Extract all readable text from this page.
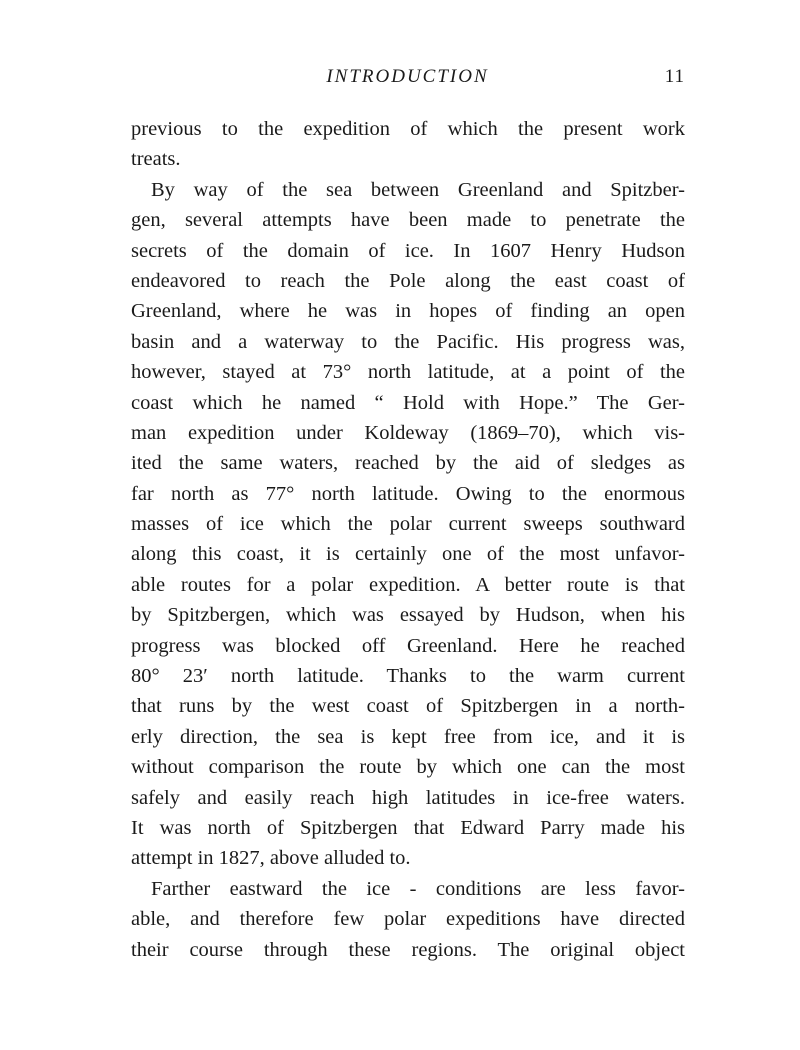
INTRODUCTION	11
previous to the expedition of which the present work
treats.
By way of the sea between Greenland and Spitzber-
gen, several attempts have been made to penetrate the
secrets of the domain of ice. In 1607 Henry Hudson
endeavored to reach the Pole along the east coast of
Greenland, where he was in hopes of finding an open
basin and a waterway to the Pacific. His progress was,
however, stayed at 73° north latitude, at a point of the
coast which he named “ Hold with Hope.” The Ger-
man expedition under Koldeway (1869–70), which vis-
ited the same waters, reached by the aid of sledges as
far north as 77° north latitude. Owing to the enormous
masses of ice which the polar current sweeps southward
along this coast, it is certainly one of the most unfavor-
able routes for a polar expedition. A better route is that
by Spitzbergen, which was essayed by Hudson, when his
progress was blocked off Greenland. Here he reached
80° 23′ north latitude. Thanks to the warm current
that runs by the west coast of Spitzbergen in a north-
erly direction, the sea is kept free from ice, and it is
without comparison the route by which one can the most
safely and easily reach high latitudes in ice-free waters.
It was north of Spitzbergen that Edward Parry made his
attempt in 1827, above alluded to.
Farther eastward the ice - conditions are less favor-
able, and therefore few polar expeditions have directed
their course through these regions. The original object
